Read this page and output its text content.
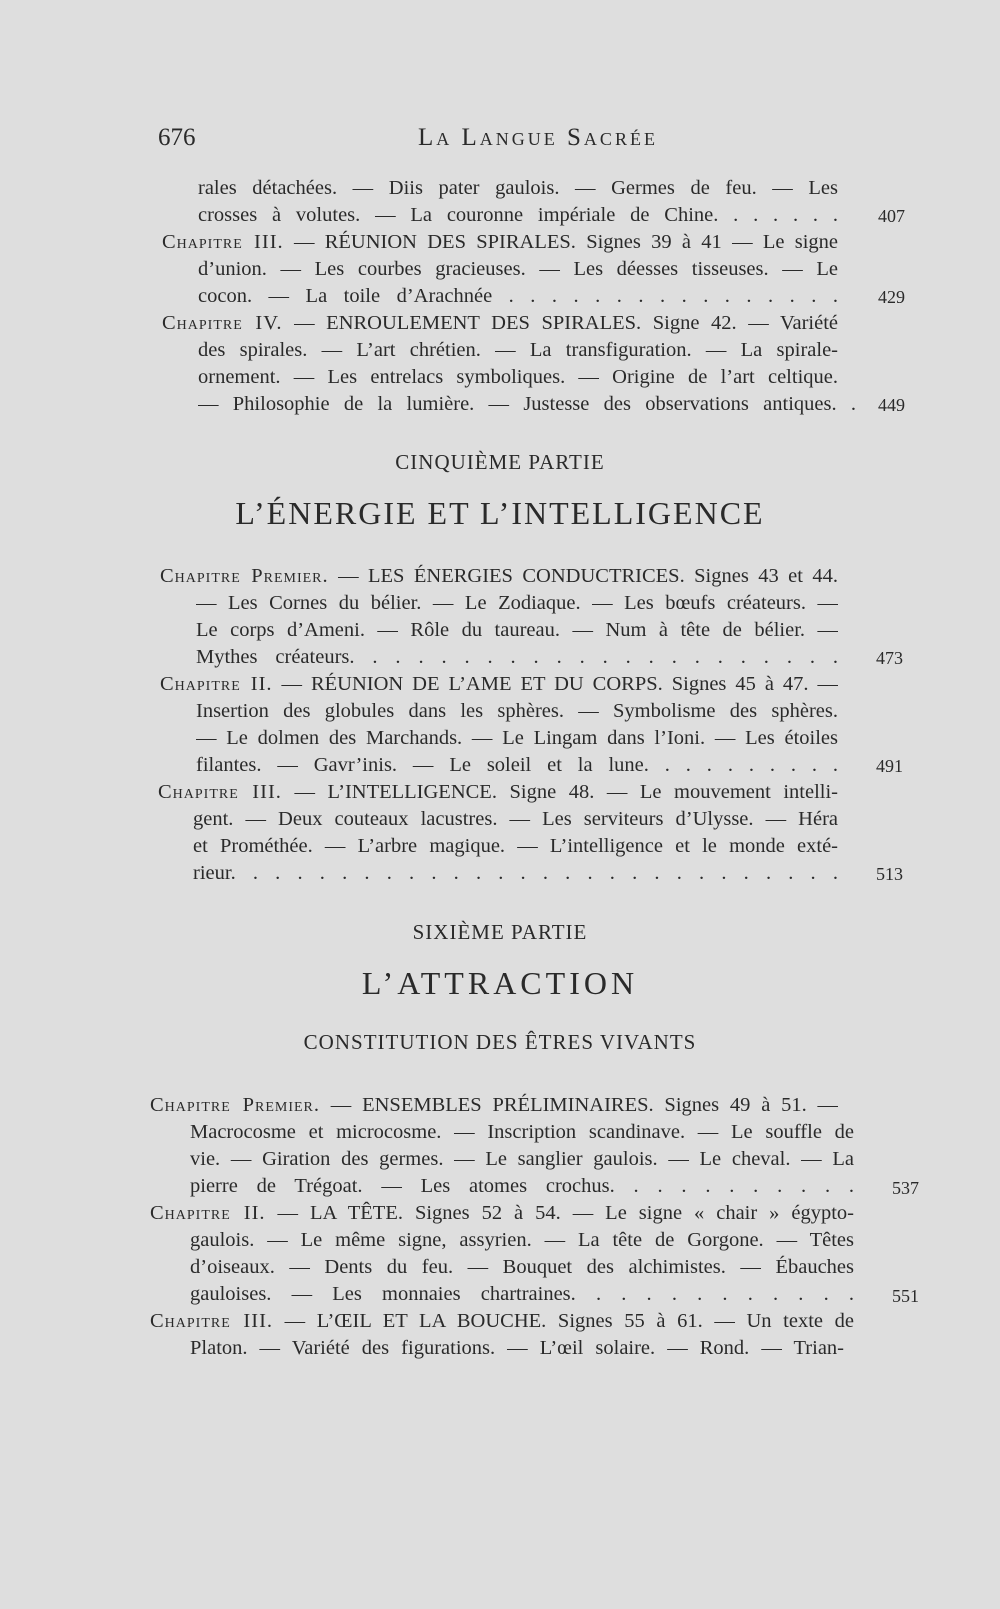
676	La Langue Sacrée
rales détachées. — Diis pater gaulois. — Germes de feu. — Les
crosses à volutes. — La couronne impériale de Chine. . . . . . . 407
Chapitre III. — RÉUNION DES SPIRALES. Signes 39 à 41 — Le signe
d’union. — Les courbes gracieuses. — Les déesses tisseuses. — Le
cocon. — La toile d’Arachnée . . . . . . . . . . . . . . . . 429
Chapitre IV. — ENROULEMENT DES SPIRALES. Signe 42. — Variété
des spirales. — L’art chrétien. — La transfiguration. — La spirale-
ornement. — Les entrelacs symboliques. — Origine de l’art celtique.
— Philosophie de la lumière. — Justesse des observations antiques. . 449
CINQUIÈME PARTIE
L’ÉNERGIE ET L’INTELLIGENCE
Chapitre Premier. — LES ÉNERGIES CONDUCTRICES. Signes 43 et 44.
— Les Cornes du bélier. — Le Zodiaque. — Les bœufs créateurs. —
Le corps d’Ameni. — Rôle du taureau. — Num à tête de bélier. —
Mythes créateurs. . . . . . . . . . . . . . . . . . . . . . 473
Chapitre II. — RÉUNION DE L’AME ET DU CORPS. Signes 45 à 47. —
Insertion des globules dans les sphères. — Symbolisme des sphères.
— Le dolmen des Marchands. — Le Lingam dans l’Ioni. — Les étoiles
filantes. — Gavr’inis. — Le soleil et la lune. . . . . . . . . . 491
Chapitre III. — L’INTELLIGENCE. Signe 48. — Le mouvement intelli-
gent. — Deux couteaux lacustres. — Les serviteurs d’Ulysse. — Héra
et Prométhée. — L’arbre magique. — L’intelligence et le monde exté-
rieur. . . . . . . . . . . . . . . . . . . . . . . . . . . . 513
SIXIÈME PARTIE
L’ATTRACTION
CONSTITUTION DES ÊTRES VIVANTS
Chapitre Premier. — ENSEMBLES PRÉLIMINAIRES. Signes 49 à 51. —
Macrocosme et microcosme. — Inscription scandinave. — Le souffle de
vie. — Giration des germes. — Le sanglier gaulois. — Le cheval. — La
pierre de Trégoat. — Les atomes crochus. . . . . . . . . . . 537
Chapitre II. — LA TÊTE. Signes 52 à 54. — Le signe « chair » égypto-
gaulois. — Le même signe, assyrien. — La tête de Gorgone. — Têtes
d’oiseaux. — Dents du feu. — Bouquet des alchimistes. — Ébauches
gauloises. — Les monnaies chartraines. . . . . . . . . . . . 551
Chapitre III. — L’ŒIL ET LA BOUCHE. Signes 55 à 61. — Un texte de
Platon. — Variété des figurations. — L’œil solaire. — Rond. — Trian-
